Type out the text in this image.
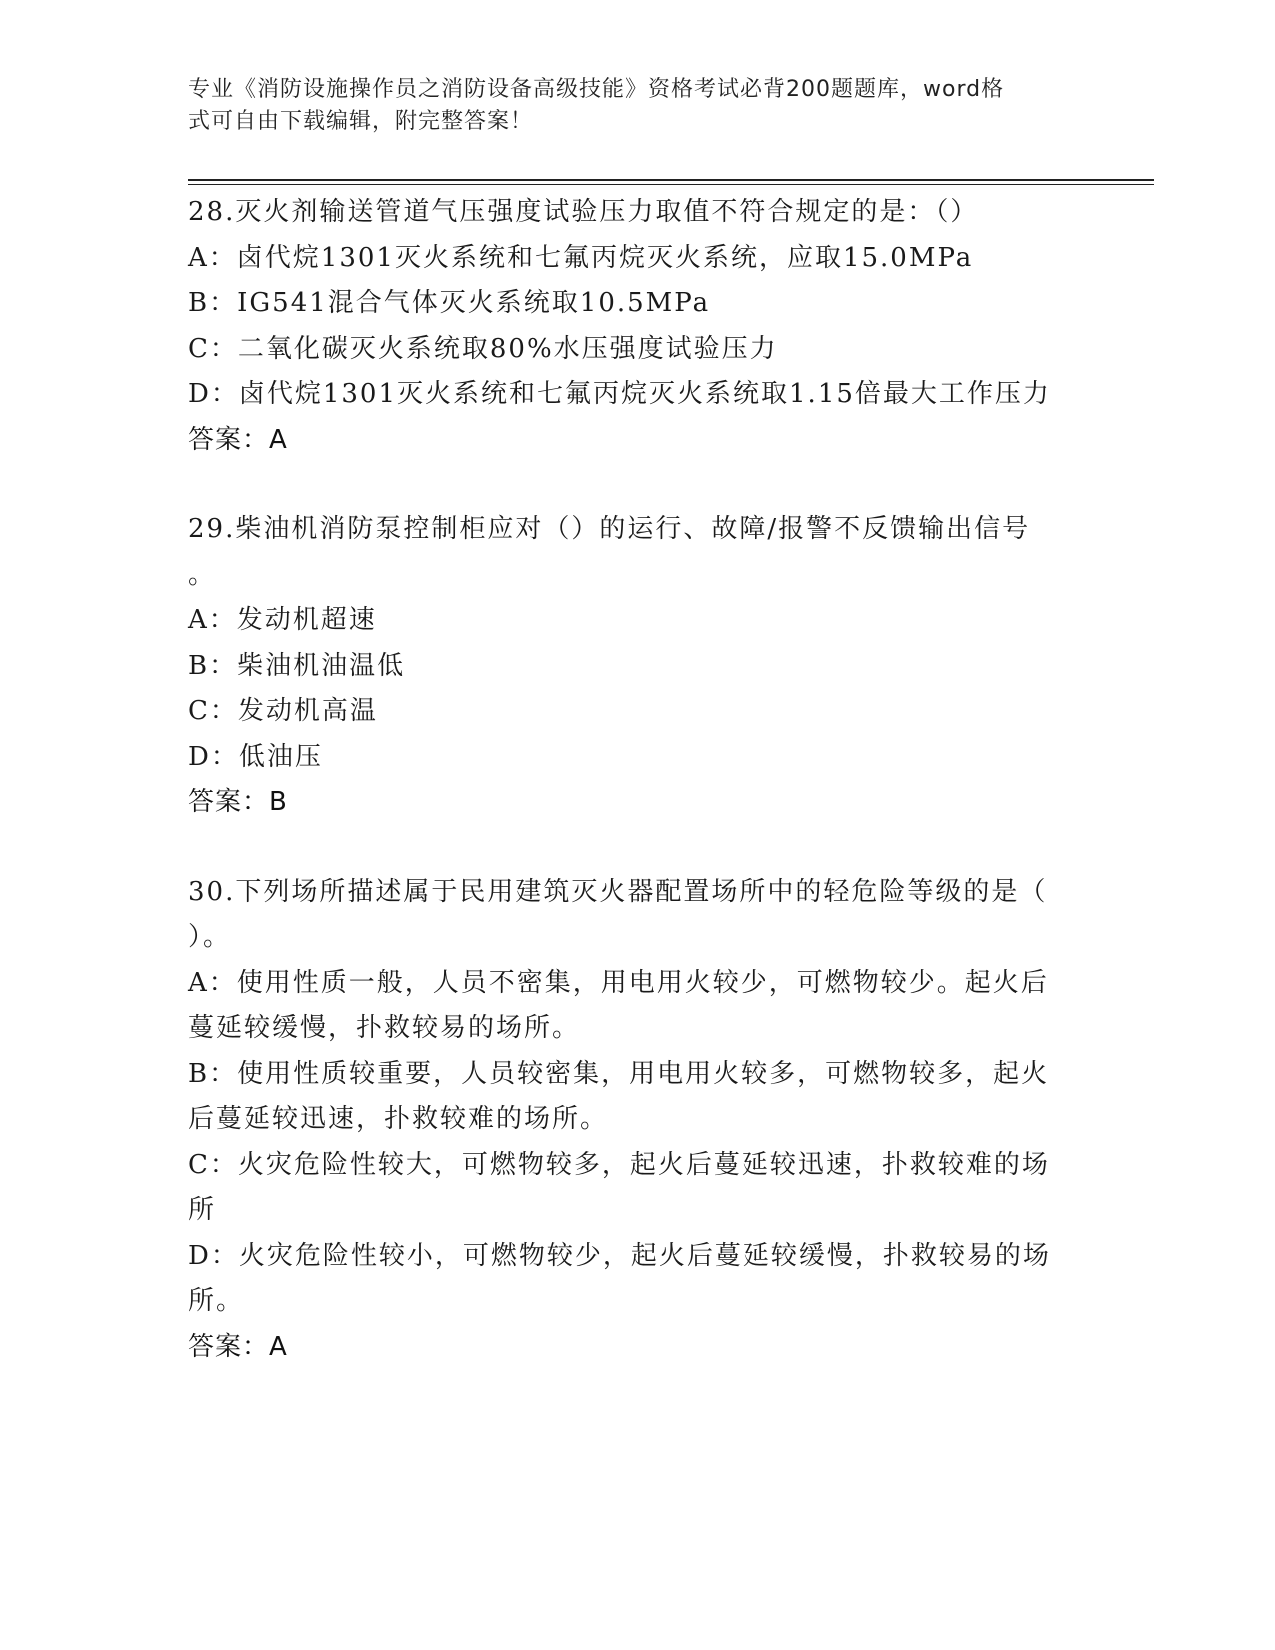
专业《消防设施操作员之消防设备高级技能》资格考试必背200题题库，word格
式可自由下载编辑，附完整答案！
28.灭火剂输送管道气压强度试验压力取值不符合规定的是：（）
A：卤代烷1301灭火系统和七氟丙烷灭火系统，应取15.0MPa
B：IG541混合气体灭火系统取10.5MPa
C：二氧化碳灭火系统取80%水压强度试验压力
D：卤代烷1301灭火系统和七氟丙烷灭火系统取1.15倍最大工作压力
答案：A
29.柴油机消防泵控制柜应对（）的运行、故障/报警不反馈输出信号
。
A：发动机超速
B：柴油机油温低
C：发动机高温
D：低油压
答案：B
30.下列场所描述属于民用建筑灭火器配置场所中的轻危险等级的是（
）。
A：使用性质一般，人员不密集，用电用火较少，可燃物较少。起火后
蔓延较缓慢，扑救较易的场所。
B：使用性质较重要，人员较密集，用电用火较多，可燃物较多，起火
后蔓延较迅速，扑救较难的场所。
C：火灾危险性较大，可燃物较多，起火后蔓延较迅速，扑救较难的场
所
D：火灾危险性较小，可燃物较少，起火后蔓延较缓慢，扑救较易的场
所。
答案：A
